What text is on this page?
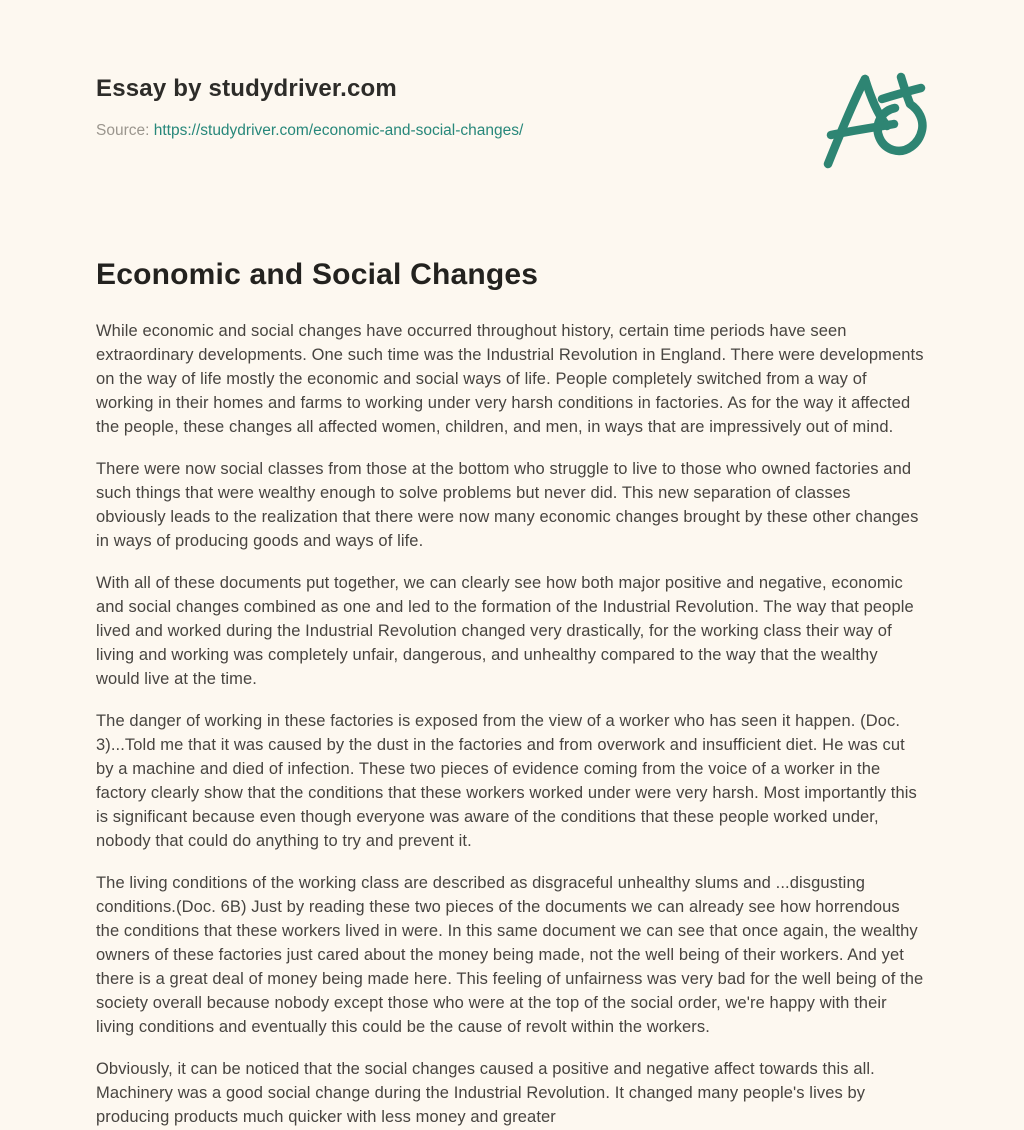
Essay by studydriver.com
Source: https://studydriver.com/economic-and-social-changes/
Economic and Social Changes

While economic and social changes have occurred throughout history, certain time periods have seen extraordinary developments. One such time was the Industrial Revolution in England. There were developments on the way of life mostly the economic and social ways of life. People completely switched from a way of working in their homes and farms to working under very harsh conditions in factories. As for the way it affected the people, these changes all affected women, children, and men, in ways that are impressively out of mind.

There were now social classes from those at the bottom who struggle to live to those who owned factories and such things that were wealthy enough to solve problems but never did. This new separation of classes obviously leads to the realization that there were now many economic changes brought by these other changes in ways of producing goods and ways of life.

With all of these documents put together, we can clearly see how both major positive and negative, economic and social changes combined as one and led to the formation of the Industrial Revolution. The way that people lived and worked during the Industrial Revolution changed very drastically, for the working class their way of living and working was completely unfair, dangerous, and unhealthy compared to the way that the wealthy would live at the time.

The danger of working in these factories is exposed from the view of a worker who has seen it happen. (Doc. 3)...Told me that it was caused by the dust in the factories and from overwork and insufficient diet. He was cut by a machine and died of infection. These two pieces of evidence coming from the voice of a worker in the factory clearly show that the conditions that these workers worked under were very harsh. Most importantly this is significant because even though everyone was aware of the conditions that these people worked under, nobody that could do anything to try and prevent it.

The living conditions of the working class are described as disgraceful unhealthy slums and ...disgusting conditions.(Doc. 6B) Just by reading these two pieces of the documents we can already see how horrendous the conditions that these workers lived in were. In this same document we can see that once again, the wealthy owners of these factories just cared about the money being made, not the well being of their workers. And yet there is a great deal of money being made here. This feeling of unfairness was very bad for the well being of the society overall because nobody except those who were at the top of the social order, we're happy with their living conditions and eventually this could be the cause of revolt within the workers.

Obviously, it can be noticed that the social changes caused a positive and negative affect towards this all. Machinery was a good social change during the Industrial Revolution. It changed many people's lives by producing products much quicker with less money and greater
